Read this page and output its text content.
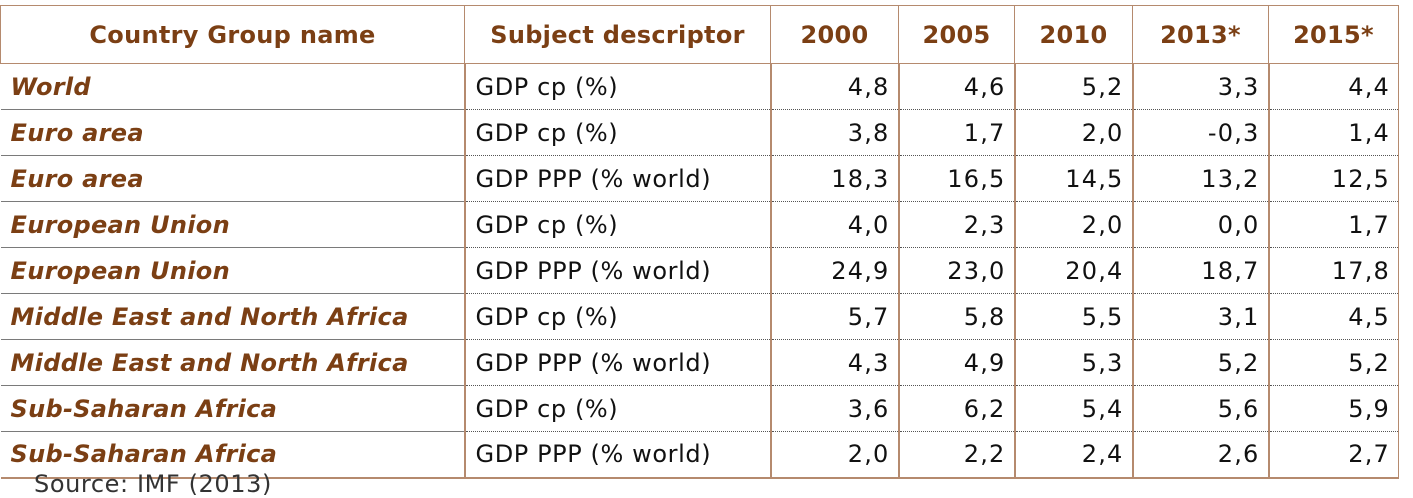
Country Group name	Subject descriptor	2000	2005	2010	2013*	2015*
World	GDP cp (%)	4,8	4,6	5,2	3,3	4,4
Euro area	GDP cp (%)	3,8	1,7	2,0	-0,3	1,4
Euro area	GDP PPP (% world)	18,3	16,5	14,5	13,2	12,5
European Union	GDP cp (%)	4,0	2,3	2,0	0,0	1,7
European Union	GDP PPP (% world)	24,9	23,0	20,4	18,7	17,8
Middle East and North Africa	GDP cp (%)	5,7	5,8	5,5	3,1	4,5
Middle East and North Africa	GDP PPP (% world)	4,3	4,9	5,3	5,2	5,2
Sub-Saharan Africa	GDP cp (%)	3,6	6,2	5,4	5,6	5,9
Sub-Saharan Africa	GDP PPP (% world)	2,0	2,2	2,4	2,6	2,7
Source: IMF (2013)
